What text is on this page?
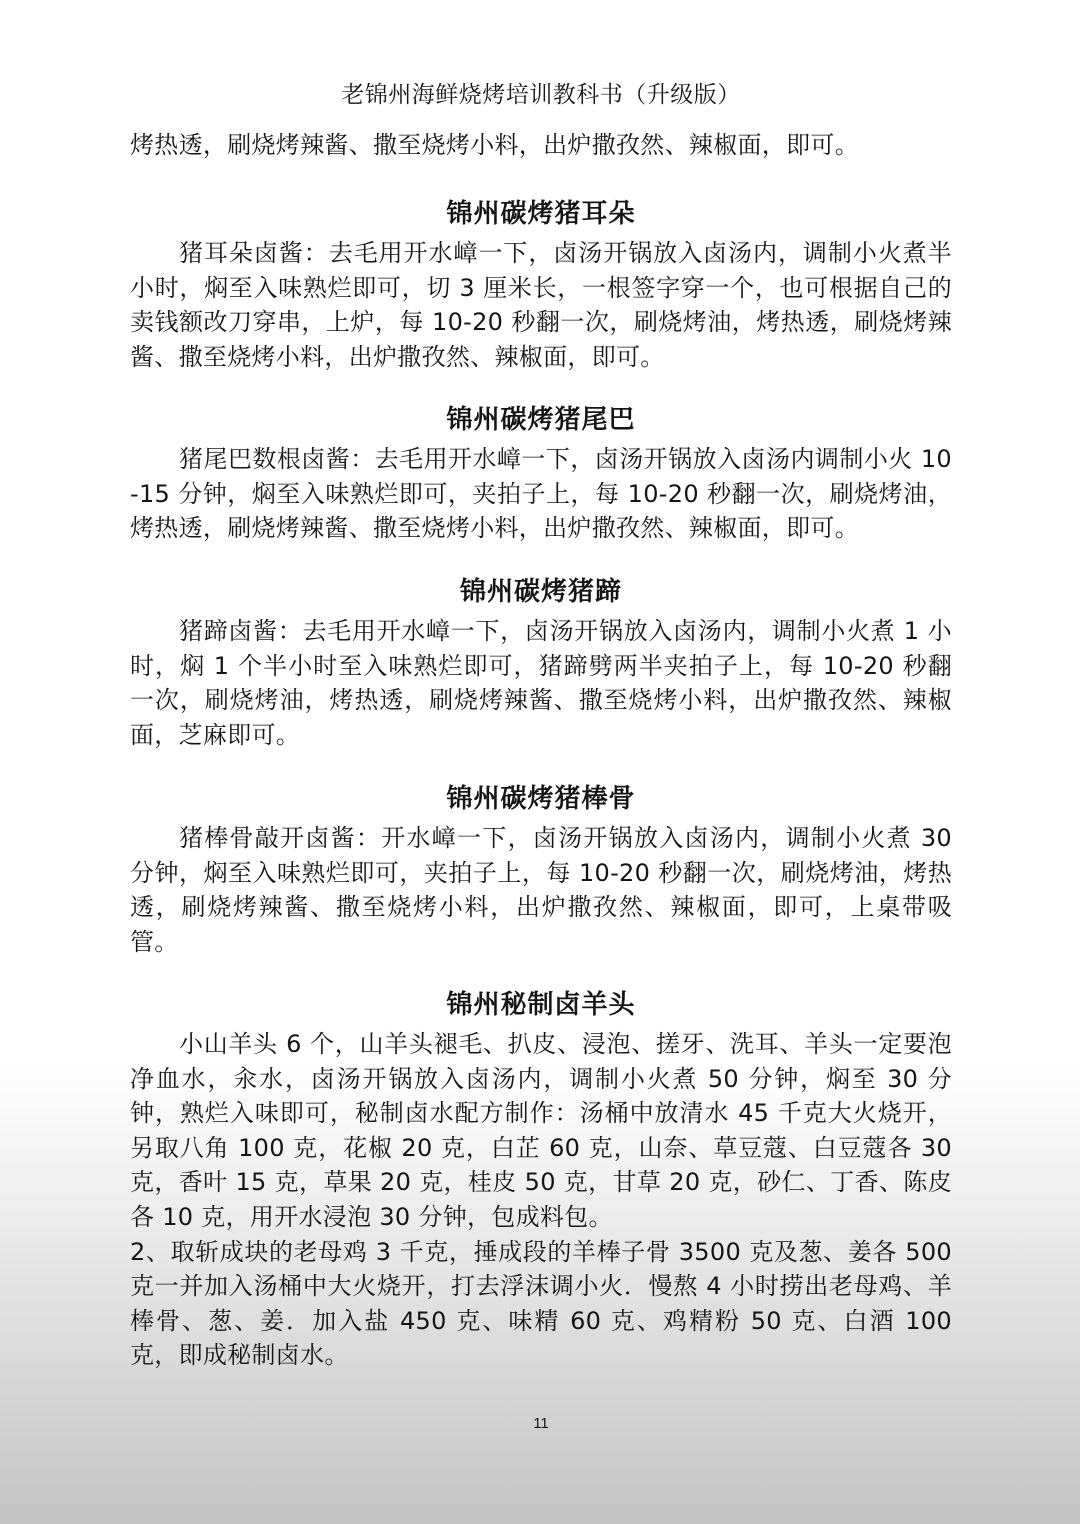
老锦州海鲜烧烤培训教科书（升级版）

烤热透，刷烧烤辣酱、撒至烧烤小料，出炉撒孜然、辣椒面，即可。

锦州碳烤猪耳朵

猪耳朵卤酱：去毛用开水嶂一下，卤汤开锅放入卤汤内，调制小火煮半小时，焖至入味熟烂即可，切 3 厘米长，一根签字穿一个，也可根据自己的卖钱额改刀穿串，上炉，每 10-20 秒翻一次，刷烧烤油，烤热透，刷烧烤辣酱、撒至烧烤小料，出炉撒孜然、辣椒面，即可。

锦州碳烤猪尾巴

猪尾巴数根卤酱：去毛用开水嶂一下，卤汤开锅放入卤汤内调制小火 10-15 分钟，焖至入味熟烂即可，夹拍子上，每 10-20 秒翻一次，刷烧烤油，烤热透，刷烧烤辣酱、撒至烧烤小料，出炉撒孜然、辣椒面，即可。

锦州碳烤猪蹄

猪蹄卤酱：去毛用开水嶂一下，卤汤开锅放入卤汤内，调制小火煮 1 小时，焖 1 个半小时至入味熟烂即可，猪蹄劈两半夹拍子上，每 10-20 秒翻一次，刷烧烤油，烤热透，刷烧烤辣酱、撒至烧烤小料，出炉撒孜然、辣椒面，芝麻即可。

锦州碳烤猪棒骨

猪棒骨敲开卤酱：开水嶂一下，卤汤开锅放入卤汤内，调制小火煮 30 分钟，焖至入味熟烂即可，夹拍子上，每 10-20 秒翻一次，刷烧烤油，烤热透，刷烧烤辣酱、撒至烧烤小料，出炉撒孜然、辣椒面，即可，上桌带吸管。

锦州秘制卤羊头

小山羊头 6 个，山羊头褪毛、扒皮、浸泡、搓牙、洗耳、羊头一定要泡净血水，汆水，卤汤开锅放入卤汤内，调制小火煮 50 分钟，焖至 30 分钟，熟烂入味即可，秘制卤水配方制作：汤桶中放清水 45 千克大火烧开，另取八角 100 克，花椒 20 克，白芷 60 克，山奈、草豆蔻、白豆蔻各 30 克，香叶 15 克，草果 20 克，桂皮 50 克，甘草 20 克，砂仁、丁香、陈皮各 10 克，用开水浸泡 30 分钟，包成料包。

2、取斩成块的老母鸡 3 千克，捶成段的羊棒子骨 3500 克及葱、姜各 500 克一并加入汤桶中大火烧开，打去浮沫调小火．慢熬 4 小时捞出老母鸡、羊棒骨、葱、姜．加入盐 450 克、味精 60 克、鸡精粉 50 克、白酒 100 克，即成秘制卤水。

11
